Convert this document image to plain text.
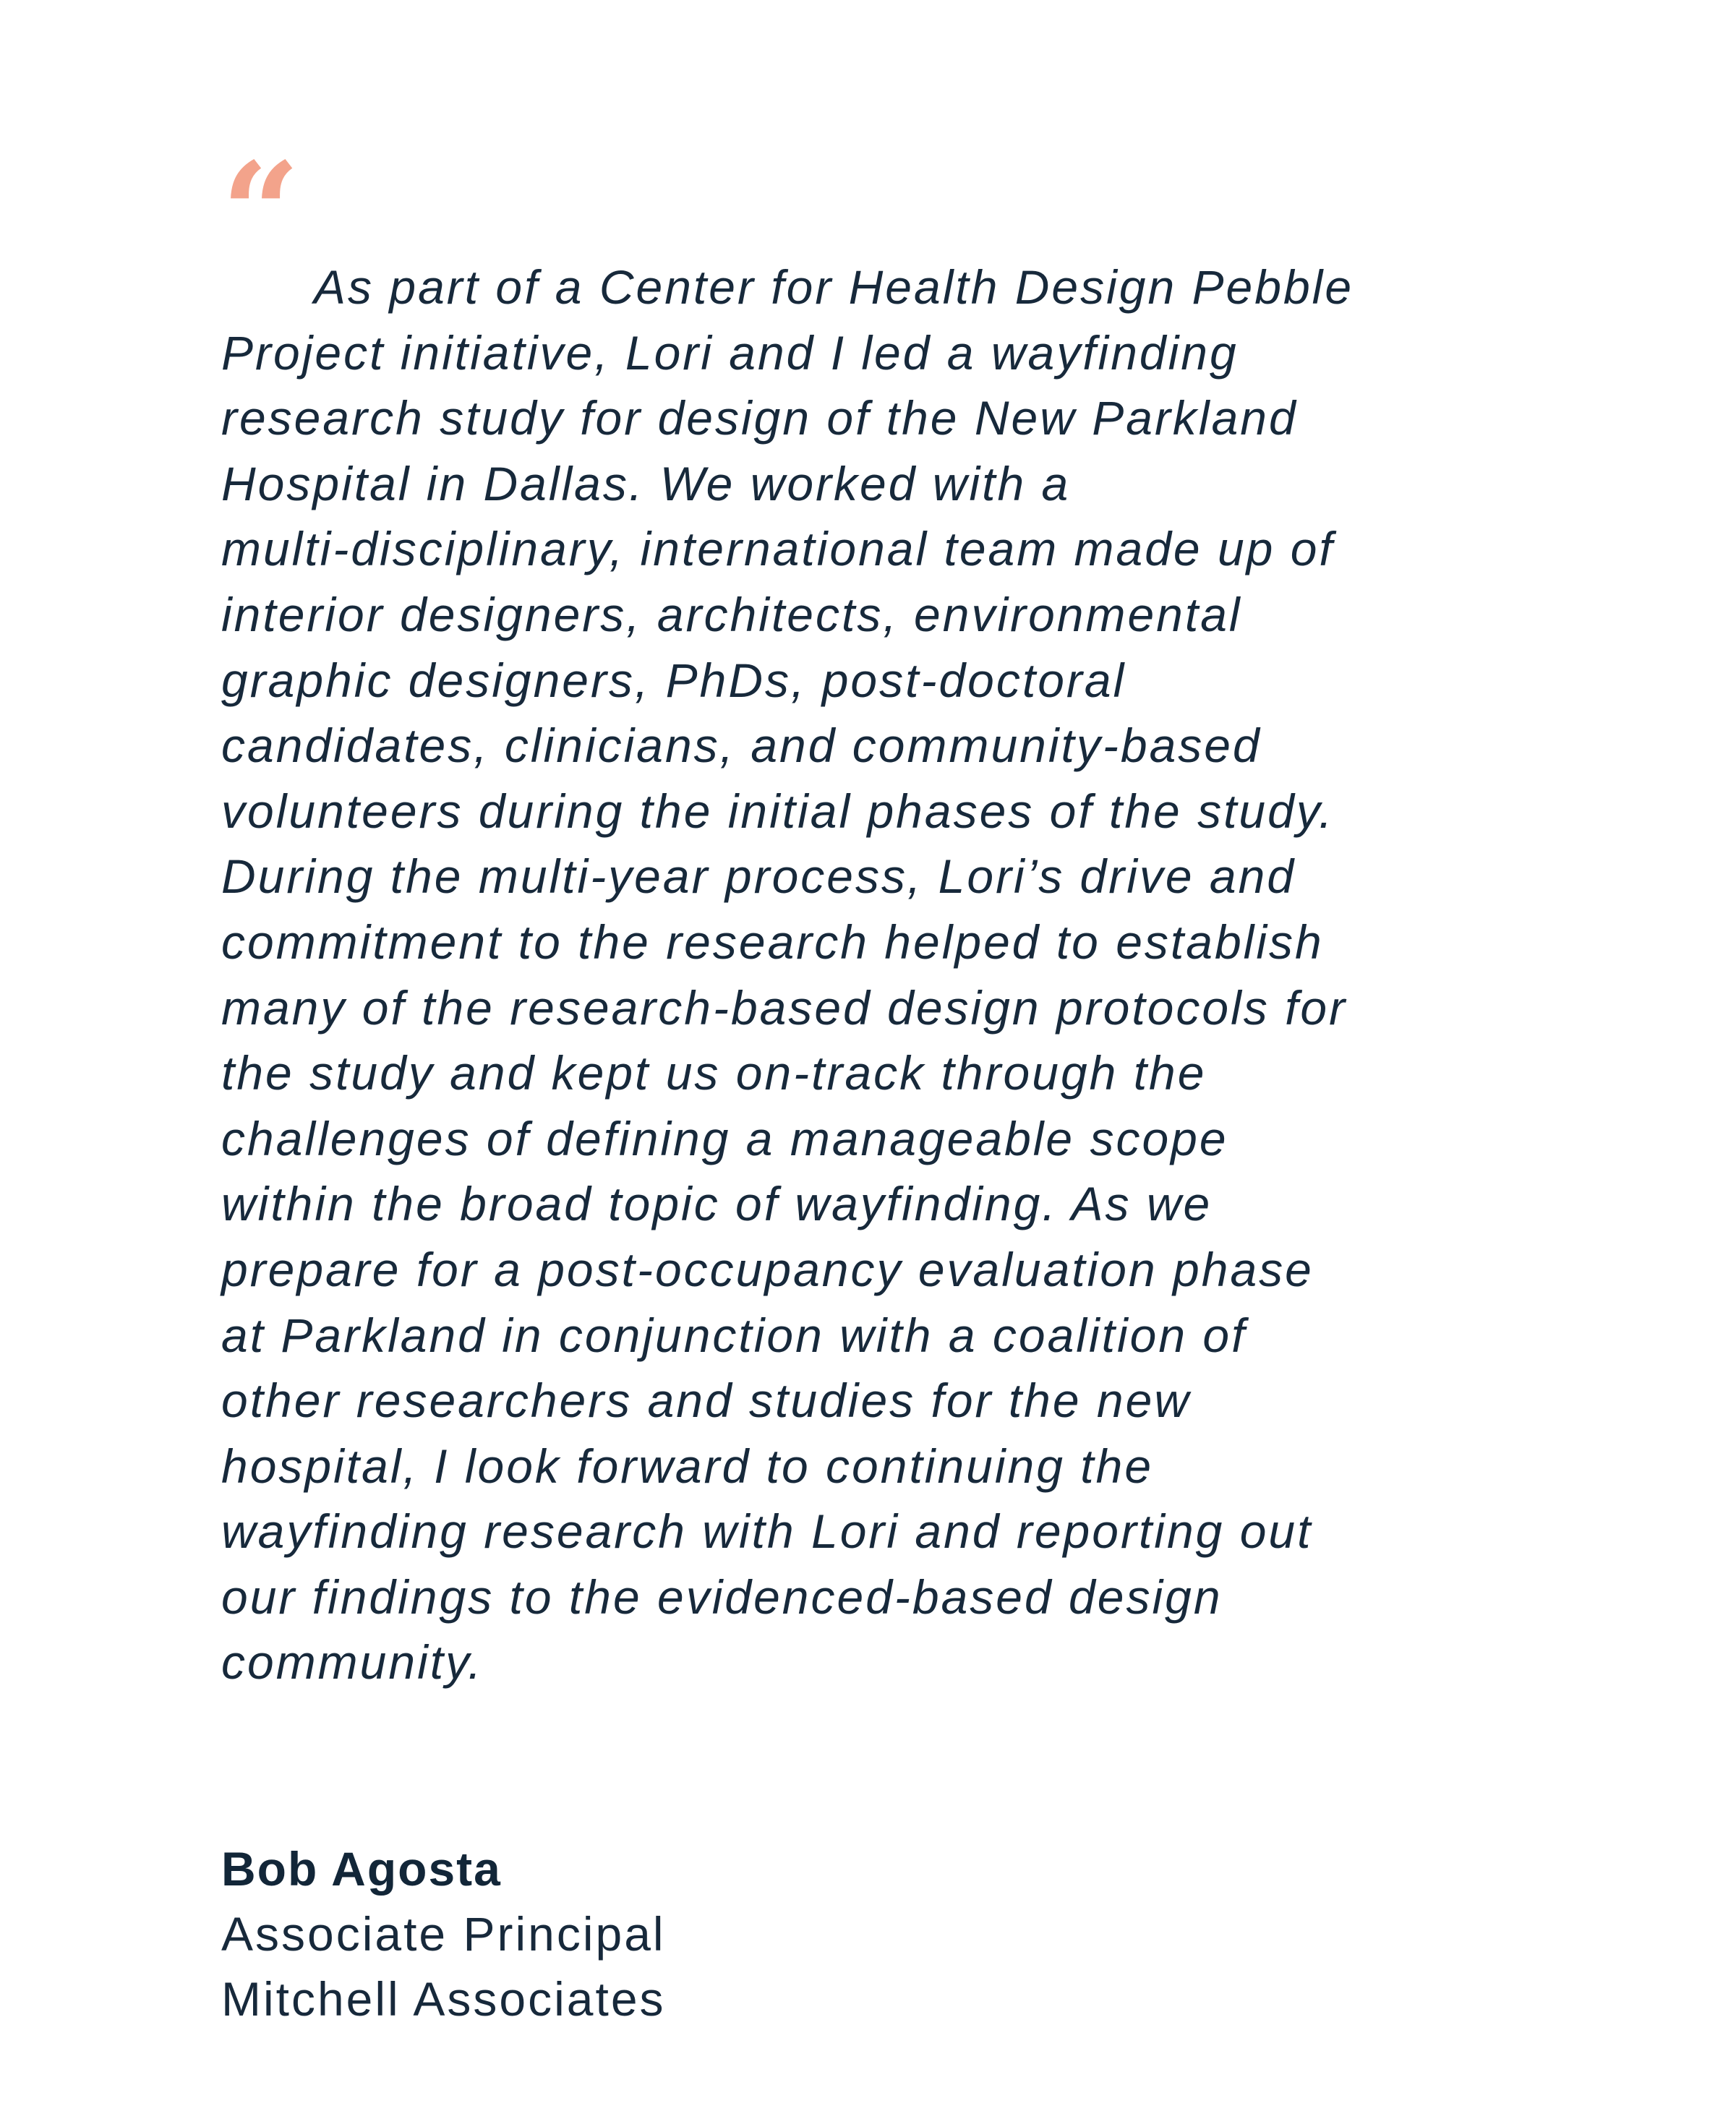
“ As part of a Center for Health Design Pebble
Project initiative, Lori and I led a wayfinding
research study for design of the New Parkland
Hospital in Dallas. We worked with a
multi-disciplinary, international team made up of
interior designers, architects, environmental
graphic designers, PhDs, post-doctoral
candidates, clinicians, and community-based
volunteers during the initial phases of the study.
During the multi-year process, Lori’s drive and
commitment to the research helped to establish
many of the research-based design protocols for
the study and kept us on-track through the
challenges of defining a manageable scope
within the broad topic of wayfinding. As we
prepare for a post-occupancy evaluation phase
at Parkland in conjunction with a coalition of
other researchers and studies for the new
hospital, I look forward to continuing the
wayfinding research with Lori and reporting out
our findings to the evidenced-based design
community.

Bob Agosta
Associate Principal
Mitchell Associates
